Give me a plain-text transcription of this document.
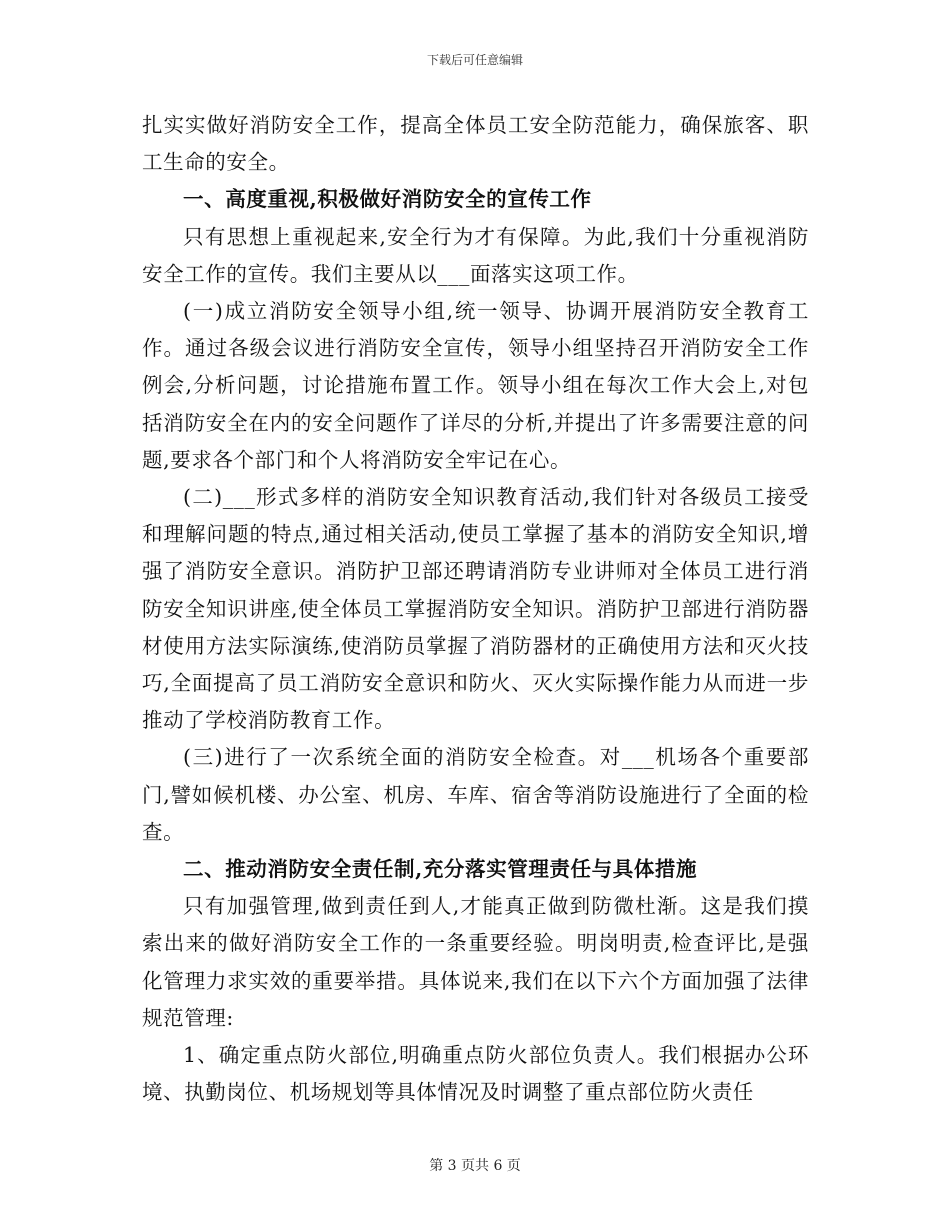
下载后可任意编辑

扎实实做好消防安全工作，提高全体员工安全防范能力，确保旅客、职工生命的安全。

一、高度重视,积极做好消防安全的宣传工作

只有思想上重视起来,安全行为才有保障。为此,我们十分重视消防安全工作的宣传。我们主要从以___面落实这项工作。

(一)成立消防安全领导小组,统一领导、协调开展消防安全教育工作。通过各级会议进行消防安全宣传，领导小组坚持召开消防安全工作例会,分析问题，讨论措施布置工作。领导小组在每次工作大会上,对包括消防安全在内的安全问题作了详尽的分析,并提出了许多需要注意的问题,要求各个部门和个人将消防安全牢记在心。

(二)___形式多样的消防安全知识教育活动,我们针对各级员工接受和理解问题的特点,通过相关活动,使员工掌握了基本的消防安全知识,增强了消防安全意识。消防护卫部还聘请消防专业讲师对全体员工进行消防安全知识讲座,使全体员工掌握消防安全知识。消防护卫部进行消防器材使用方法实际演练,使消防员掌握了消防器材的正确使用方法和灭火技巧,全面提高了员工消防安全意识和防火、灭火实际操作能力从而进一步推动了学校消防教育工作。

(三)进行了一次系统全面的消防安全检查。对___机场各个重要部门,譬如候机楼、办公室、机房、车库、宿舍等消防设施进行了全面的检查。

二、推动消防安全责任制,充分落实管理责任与具体措施

只有加强管理,做到责任到人,才能真正做到防微杜渐。这是我们摸索出来的做好消防安全工作的一条重要经验。明岗明责,检查评比,是强化管理力求实效的重要举措。具体说来,我们在以下六个方面加强了法律规范管理:

1、确定重点防火部位,明确重点防火部位负责人。我们根据办公环境、执勤岗位、机场规划等具体情况及时调整了重点部位防火责任

第 3 页共 6 页
